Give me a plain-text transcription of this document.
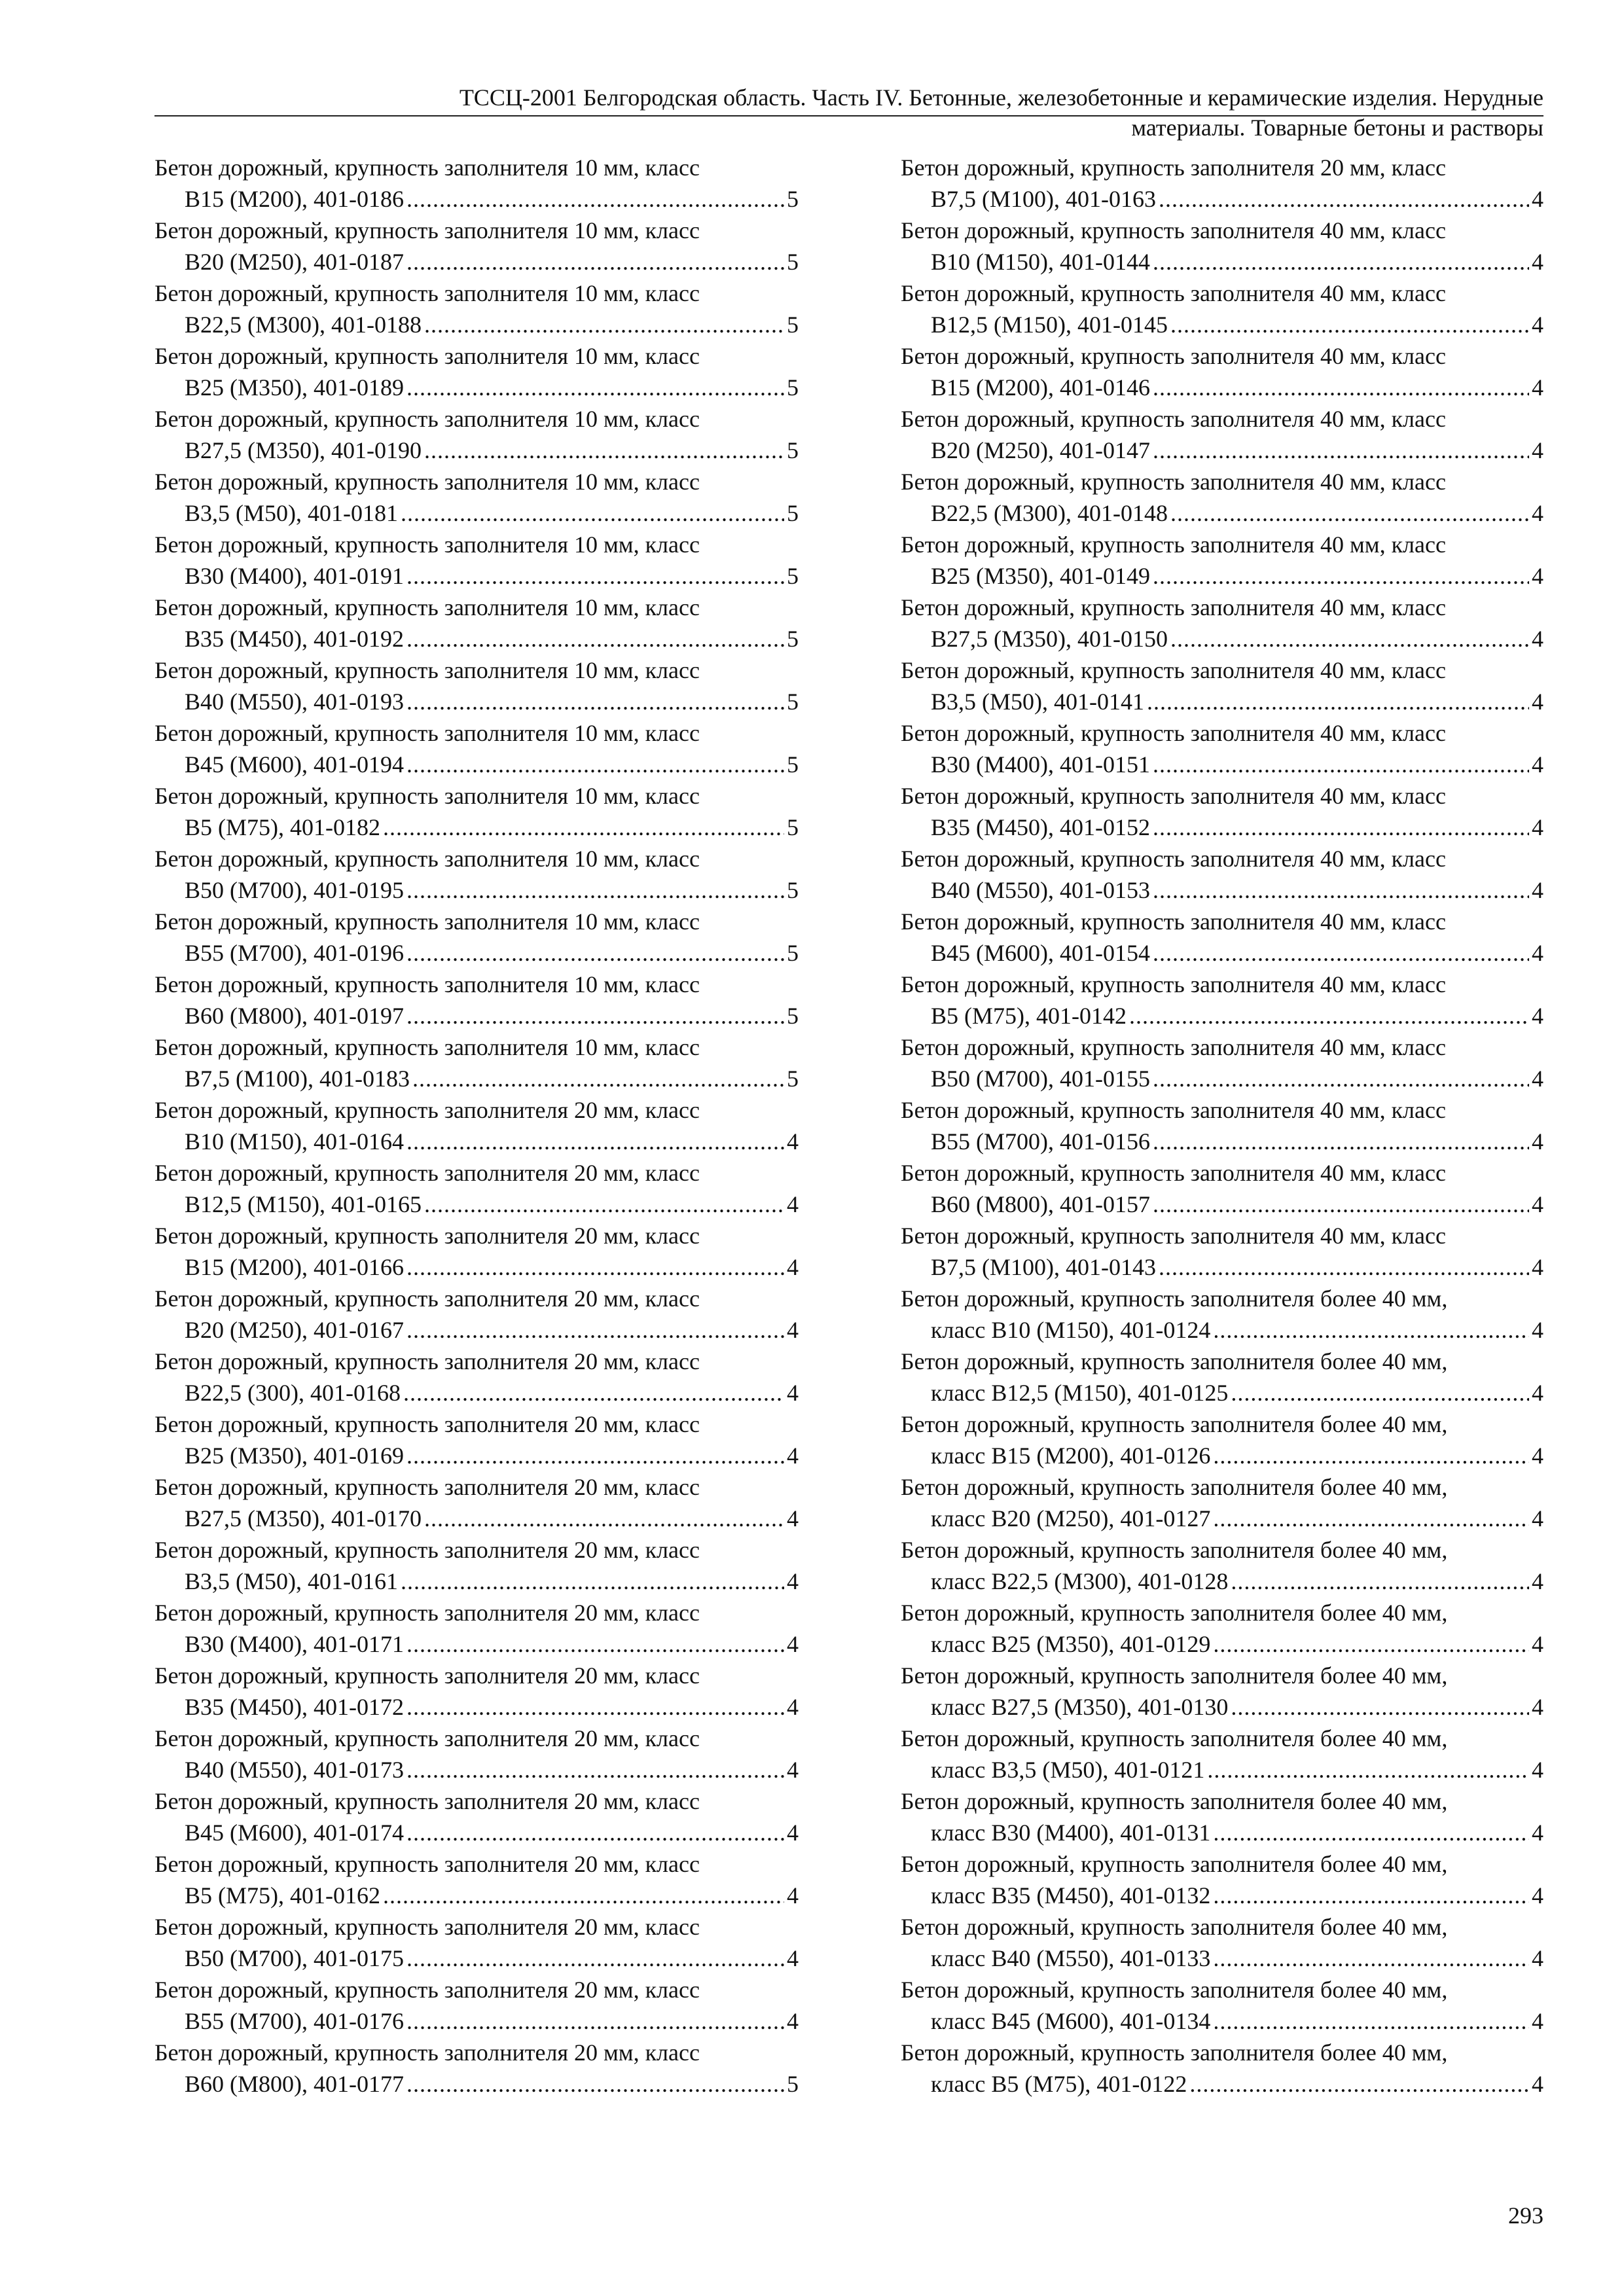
ТССЦ-2001 Белгородская область. Часть IV. Бетонные, железобетонные и керамические изделия. Нерудные
материалы. Товарные бетоны и растворы
Бетон дорожный, крупность заполнителя 10 мм, класс
В15 (М200), 401-0186 .....	5
Бетон дорожный, крупность заполнителя 10 мм, класс
В20 (М250), 401-0187 .....	5
Бетон дорожный, крупность заполнителя 10 мм, класс
В22,5 (М300), 401-0188 .....	5
Бетон дорожный, крупность заполнителя 10 мм, класс
В25 (М350), 401-0189 .....	5
Бетон дорожный, крупность заполнителя 10 мм, класс
В27,5 (М350), 401-0190 .....	5
Бетон дорожный, крупность заполнителя 10 мм, класс
В3,5 (М50), 401-0181 .....	5
Бетон дорожный, крупность заполнителя 10 мм, класс
В30 (М400), 401-0191 .....	5
Бетон дорожный, крупность заполнителя 10 мм, класс
В35 (М450), 401-0192 .....	5
Бетон дорожный, крупность заполнителя 10 мм, класс
В40 (М550), 401-0193 .....	5
Бетон дорожный, крупность заполнителя 10 мм, класс
В45 (М600), 401-0194 .....	5
Бетон дорожный, крупность заполнителя 10 мм, класс
В5 (М75), 401-0182 .....	5
Бетон дорожный, крупность заполнителя 10 мм, класс
В50 (М700), 401-0195 .....	5
Бетон дорожный, крупность заполнителя 10 мм, класс
В55 (М700), 401-0196 .....	5
Бетон дорожный, крупность заполнителя 10 мм, класс
В60 (М800), 401-0197 .....	5
Бетон дорожный, крупность заполнителя 10 мм, класс
В7,5 (М100), 401-0183 .....	5
Бетон дорожный, крупность заполнителя 20 мм, класс
В10 (М150), 401-0164 .....	4
Бетон дорожный, крупность заполнителя 20 мм, класс
В12,5 (М150), 401-0165 .....	4
Бетон дорожный, крупность заполнителя 20 мм, класс
В15 (М200), 401-0166 .....	4
Бетон дорожный, крупность заполнителя 20 мм, класс
В20 (М250), 401-0167 .....	4
Бетон дорожный, крупность заполнителя 20 мм, класс
В22,5 (300), 401-0168 .....	4
Бетон дорожный, крупность заполнителя 20 мм, класс
В25 (М350), 401-0169 .....	4
Бетон дорожный, крупность заполнителя 20 мм, класс
В27,5 (М350), 401-0170 .....	4
Бетон дорожный, крупность заполнителя 20 мм, класс
В3,5 (М50), 401-0161 .....	4
Бетон дорожный, крупность заполнителя 20 мм, класс
В30 (М400), 401-0171 .....	4
Бетон дорожный, крупность заполнителя 20 мм, класс
В35 (М450), 401-0172 .....	4
Бетон дорожный, крупность заполнителя 20 мм, класс
В40 (М550), 401-0173 .....	4
Бетон дорожный, крупность заполнителя 20 мм, класс
В45 (М600), 401-0174 .....	4
Бетон дорожный, крупность заполнителя 20 мм, класс
В5 (М75), 401-0162 .....	4
Бетон дорожный, крупность заполнителя 20 мм, класс
В50 (М700), 401-0175 .....	4
Бетон дорожный, крупность заполнителя 20 мм, класс
В55 (М700), 401-0176 .....	4
Бетон дорожный, крупность заполнителя 20 мм, класс
В60 (М800), 401-0177 .....	5
Бетон дорожный, крупность заполнителя 20 мм, класс
В7,5 (М100), 401-0163 .....	4
Бетон дорожный, крупность заполнителя 40 мм, класс
В10 (М150), 401-0144 .....	4
Бетон дорожный, крупность заполнителя 40 мм, класс
В12,5 (М150), 401-0145 .....	4
Бетон дорожный, крупность заполнителя 40 мм, класс
В15 (М200), 401-0146 .....	4
Бетон дорожный, крупность заполнителя 40 мм, класс
В20 (М250), 401-0147 .....	4
Бетон дорожный, крупность заполнителя 40 мм, класс
В22,5 (М300), 401-0148 .....	4
Бетон дорожный, крупность заполнителя 40 мм, класс
В25 (М350), 401-0149 .....	4
Бетон дорожный, крупность заполнителя 40 мм, класс
В27,5 (М350), 401-0150 .....	4
Бетон дорожный, крупность заполнителя 40 мм, класс
В3,5 (М50), 401-0141 .....	4
Бетон дорожный, крупность заполнителя 40 мм, класс
В30 (М400), 401-0151 .....	4
Бетон дорожный, крупность заполнителя 40 мм, класс
В35 (М450), 401-0152 .....	4
Бетон дорожный, крупность заполнителя 40 мм, класс
В40 (М550), 401-0153 .....	4
Бетон дорожный, крупность заполнителя 40 мм, класс
В45 (М600), 401-0154 .....	4
Бетон дорожный, крупность заполнителя 40 мм, класс
В5 (М75), 401-0142 .....	4
Бетон дорожный, крупность заполнителя 40 мм, класс
В50 (М700), 401-0155 .....	4
Бетон дорожный, крупность заполнителя 40 мм, класс
В55 (М700), 401-0156 .....	4
Бетон дорожный, крупность заполнителя 40 мм, класс
В60 (М800), 401-0157 .....	4
Бетон дорожный, крупность заполнителя 40 мм, класс
В7,5 (М100), 401-0143 .....	4
Бетон дорожный, крупность заполнителя более 40 мм,
класс В10 (М150), 401-0124 .....	4
Бетон дорожный, крупность заполнителя более 40 мм,
класс В12,5 (М150), 401-0125 .....	4
Бетон дорожный, крупность заполнителя более 40 мм,
класс В15 (М200), 401-0126 .....	4
Бетон дорожный, крупность заполнителя более 40 мм,
класс В20 (М250), 401-0127 .....	4
Бетон дорожный, крупность заполнителя более 40 мм,
класс В22,5 (М300), 401-0128 .....	4
Бетон дорожный, крупность заполнителя более 40 мм,
класс В25 (М350), 401-0129 .....	4
Бетон дорожный, крупность заполнителя более 40 мм,
класс В27,5 (М350), 401-0130 .....	4
Бетон дорожный, крупность заполнителя более 40 мм,
класс В3,5 (М50), 401-0121 .....	4
Бетон дорожный, крупность заполнителя более 40 мм,
класс В30 (М400), 401-0131 .....	4
Бетон дорожный, крупность заполнителя более 40 мм,
класс В35 (М450), 401-0132 .....	4
Бетон дорожный, крупность заполнителя более 40 мм,
класс В40 (М550), 401-0133 .....	4
Бетон дорожный, крупность заполнителя более 40 мм,
класс В45 (М600), 401-0134 .....	4
Бетон дорожный, крупность заполнителя более 40 мм,
класс В5 (М75), 401-0122 .....	4
293
